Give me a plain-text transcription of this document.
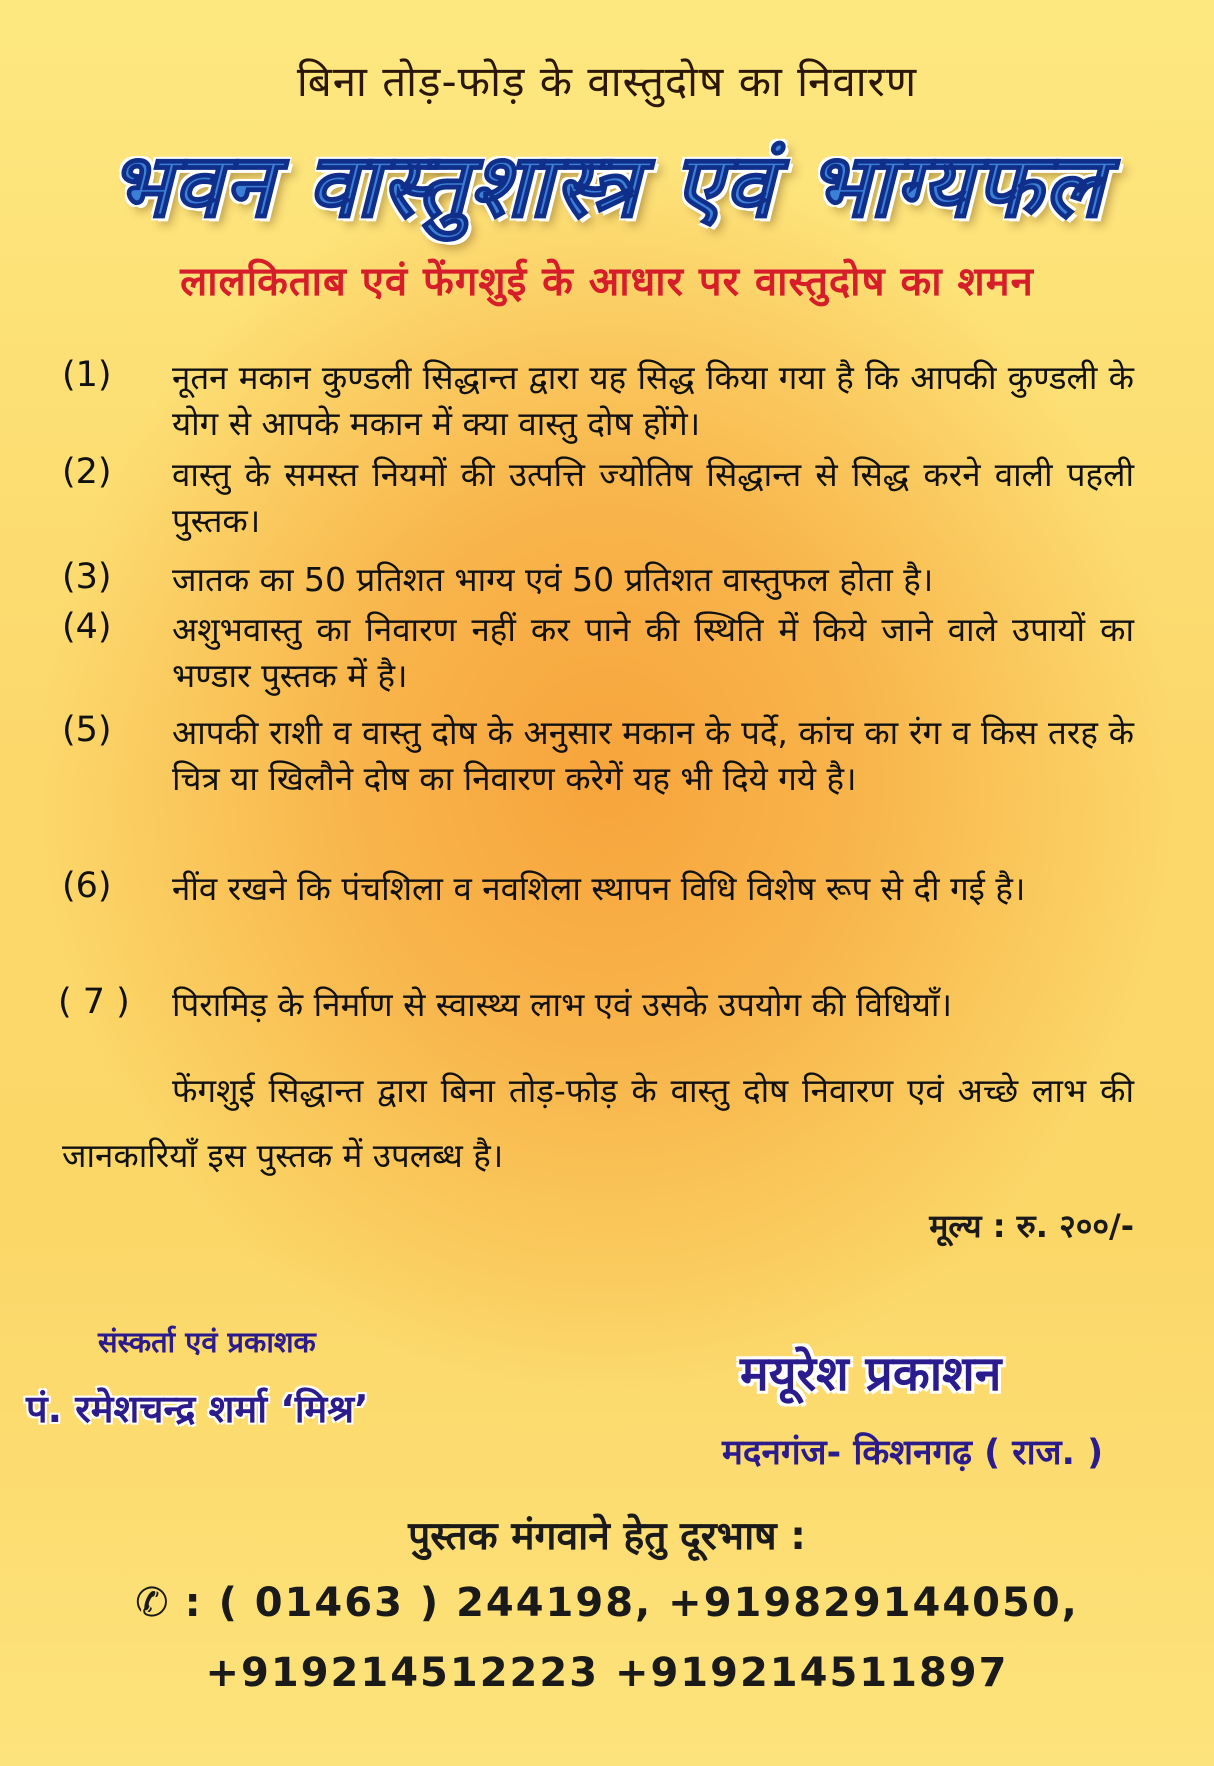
बिना तोड़-फोड़ के वास्तुदोष का निवारण
भवन वास्तुशास्त्र एवं भाग्यफल
लालकिताब एवं फेंगशुई के आधार पर वास्तुदोष का शमन
(1) नूतन मकान कुण्डली सिद्धान्त द्वारा यह सिद्ध किया गया है कि आपकी कुण्डली के योग से आपके मकान में क्या वास्तु दोष होंगे।
(2) वास्तु के समस्त नियमों की उत्पत्ति ज्योतिष सिद्धान्त से सिद्ध करने वाली पहली पुस्तक।
(3) जातक का 50 प्रतिशत भाग्य एवं 50 प्रतिशत वास्तुफल होता है।
(4) अशुभवास्तु का निवारण नहीं कर पाने की स्थिति में किये जाने वाले उपायों का भण्डार पुस्तक में है।
(5) आपकी राशी व वास्तु दोष के अनुसार मकान के पर्दे, कांच का रंग व किस तरह के चित्र या खिलौने दोष का निवारण करेगें यह भी दिये गये है।
(6) नींव रखने कि पंचशिला व नवशिला स्थापन विधि विशेष रूप से दी गई है।
( 7 ) पिरामिड़ के निर्माण से स्वास्थ्य लाभ एवं उसके उपयोग की विधियाँ।
फेंगशुई सिद्धान्त द्वारा बिना तोड़-फोड़ के वास्तु दोष निवारण एवं अच्छे लाभ की जानकारियाँ इस पुस्तक में उपलब्ध है।
मूल्य : रु. २००/-
संस्कर्ता एवं प्रकाशक
पं. रमेशचन्द्र शर्मा ‘मिश्र’
मयूरेश प्रकाशन
मदनगंज- किशनगढ़ ( राज. )
पुस्तक मंगवाने हेतु दूरभाष :
✆ : ( 01463 ) 244198, +919829144050,
+919214512223 +919214511897
